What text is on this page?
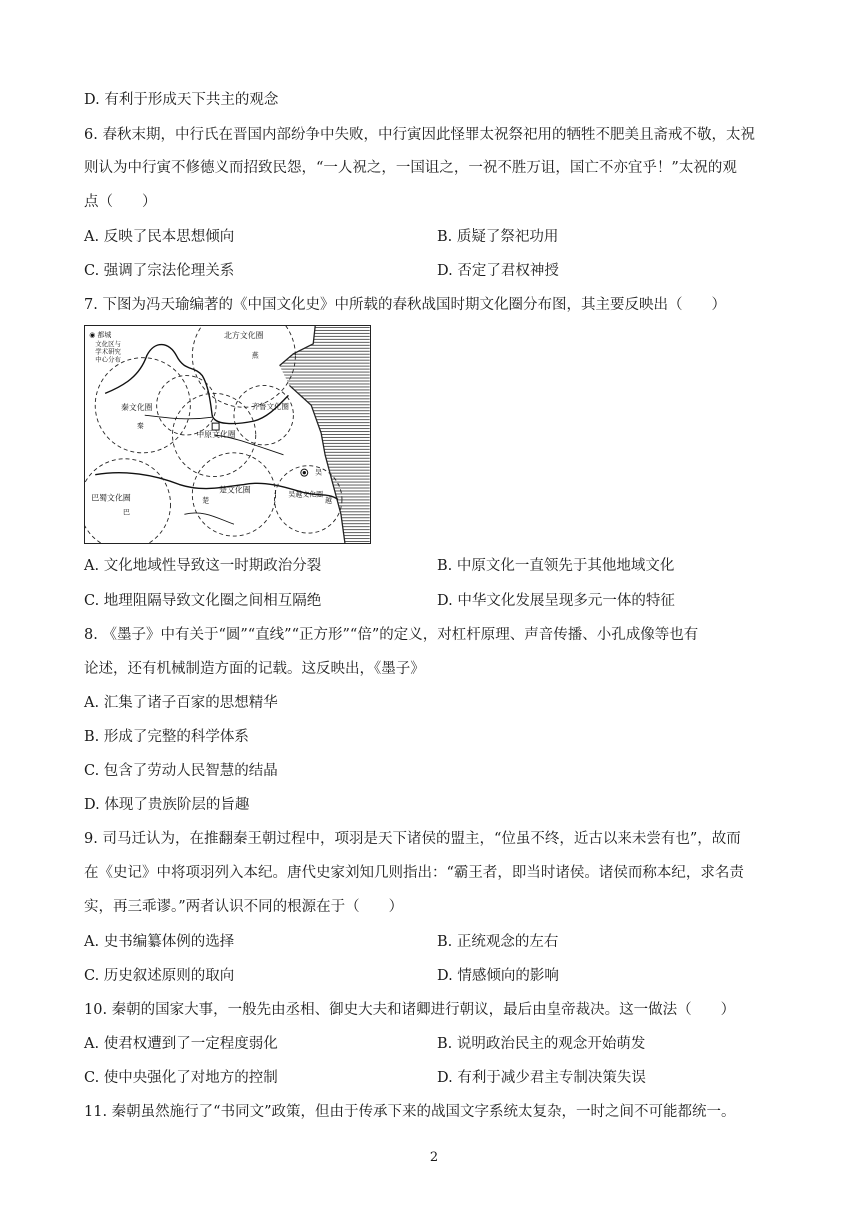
D. 有利于形成天下共主的观念
6. 春秋末期，中行氏在晋国内部纷争中失败，中行寅因此怪罪太祝祭祀用的牺牲不肥美且斋戒不敬，太祝
则认为中行寅不修德义而招致民怨，“一人祝之，一国诅之，一祝不胜万诅，国亡不亦宜乎！”太祝的观
点（　　）
A. 反映了民本思想倾向	B. 质疑了祭祀功用
C. 强调了宗法伦理关系	D. 否定了君权神授
7. 下图为冯天瑜编著的《中国文化史》中所载的春秋战国时期文化圈分布图，其主要反映出（　　）
◉ 都城
文化区与
学术研究
中心分布
北方文化圈
秦文化圈
秦
燕
齐鲁文化圈
中原文化圈
巴蜀文化圈
巴
楚文化圈
楚
吴越文化圈
吴
越
A. 文化地域性导致这一时期政治分裂	B. 中原文化一直领先于其他地域文化
C. 地理阻隔导致文化圈之间相互隔绝	D. 中华文化发展呈现多元一体的特征
8. 《墨子》中有关于“圆”“直线”“正方形”“倍”的定义，对杠杆原理、声音传播、小孔成像等也有
论述，还有机械制造方面的记载。这反映出，《墨子》
A. 汇集了诸子百家的思想精华
B. 形成了完整的科学体系
C. 包含了劳动人民智慧的结晶
D. 体现了贵族阶层的旨趣
9. 司马迁认为，在推翻秦王朝过程中，项羽是天下诸侯的盟主，“位虽不终，近古以来未尝有也”，故而
在《史记》中将项羽列入本纪。唐代史家刘知几则指出：“霸王者，即当时诸侯。诸侯而称本纪，求名责
实，再三乖谬。”两者认识不同的根源在于（　　）
A. 史书编纂体例的选择	B. 正统观念的左右
C. 历史叙述原则的取向	D. 情感倾向的影响
10. 秦朝的国家大事，一般先由丞相、御史大夫和诸卿进行朝议，最后由皇帝裁决。这一做法（　　）
A. 使君权遭到了一定程度弱化	B. 说明政治民主的观念开始萌发
C. 使中央强化了对地方的控制	D. 有利于减少君主专制决策失误
11. 秦朝虽然施行了“书同文”政策，但由于传承下来的战国文字系统太复杂，一时之间不可能都统一。
2
